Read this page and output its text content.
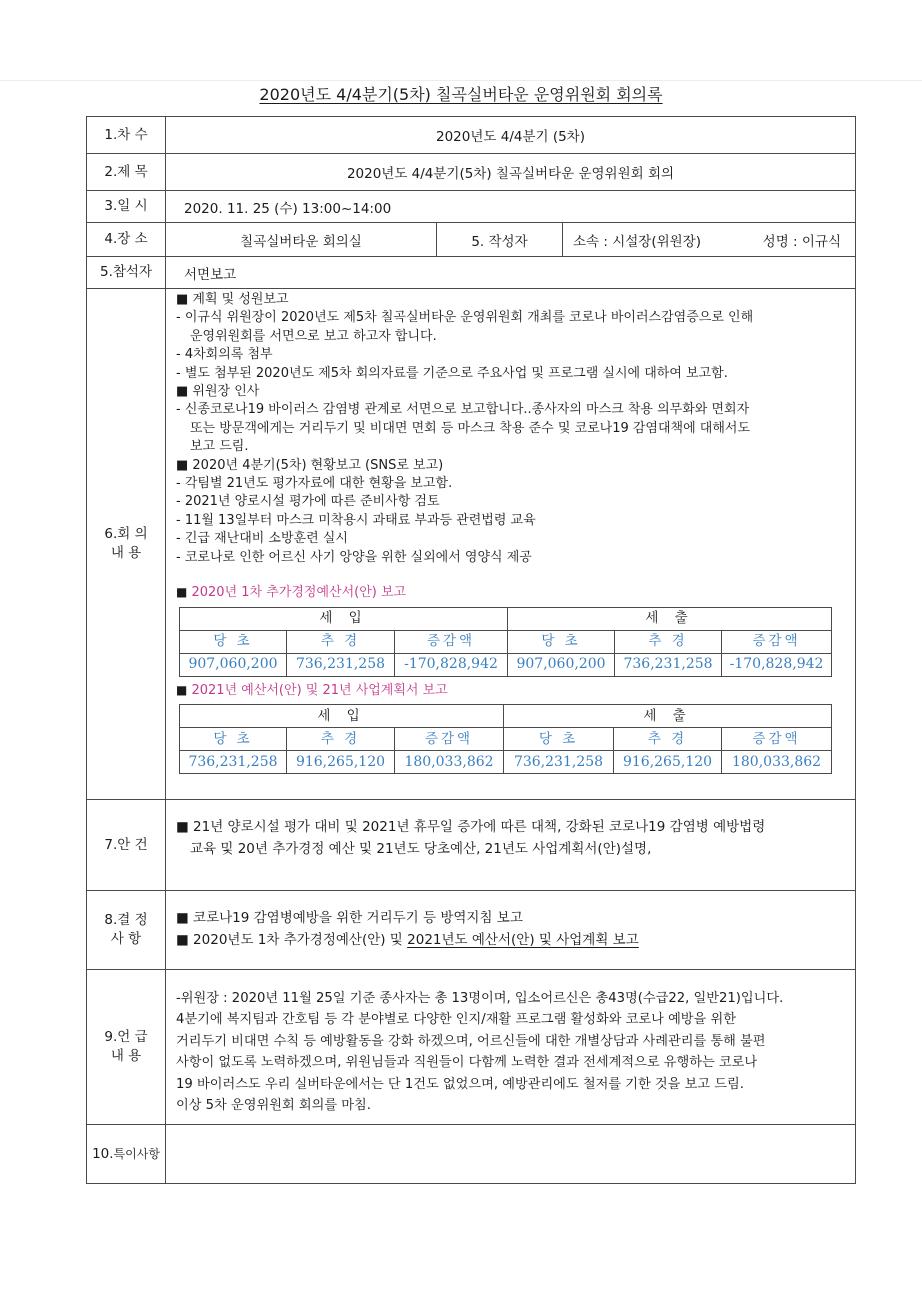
2020년도 4/4분기(5차) 칠곡실버타운 운영위원회 회의록
1.차 수	2020년도 4/4분기 (5차)
2.제 목	2020년도 4/4분기(5차) 칠곡실버타운 운영위원회 회의
3.일 시	2020. 11. 25 (수) 13:00~14:00
4.장 소	칠곡실버타운 회의실	5. 작성자	소속 : 시설장(위원장)	성명 : 이규식

5.참석자	서면보고

6.회 의
내 용

■ 계획 및 성원보고

- 이규식 위원장이 2020년도 제5차 칠곡실버타운 운영위원회 개최를 코로나 바이러스감염증으로 인해

운영위원회를 서면으로 보고 하고자 합니다.

- 4차회의록 첨부

- 별도 첨부된 2020년도 제5차 회의자료를 기준으로 주요사업 및 프로그램 실시에 대하여 보고함.

■ 위원장 인사

- 신종코로나19 바이러스 감염병 관계로 서면으로 보고합니다..종사자의 마스크 착용 의무화와 면회자

또는 방문객에게는 거리두기 및 비대면 면회 등 마스크 착용 준수 및 코로나19 감염대책에 대해서도

보고 드림.

■ 2020년 4분기(5차) 현황보고 (SNS로 보고)

- 각팀별 21년도 평가자료에 대한 현황을 보고함.

- 2021년 양로시설 평가에 따른 준비사항 검토

- 11월 13일부터 마스크 미착용시 과태료 부과등 관련법령 교육

- 긴급 재난대비 소방훈련 실시

- 코로나로 인한 어르신 사기 앙양을 위한 실외에서 영양식 제공

■ 2020년 1차 추가경정예산서(안) 보고

세 입	세 출
당 초	추 경	증감액	당 초	추 경	증감액
907,060,200	736,231,258	-170,828,942	907,060,200	736,231,258	-170,828,942

■ 2021년 예산서(안) 및 21년 사업계획서 보고

세 입	세 출
당 초	추 경	증감액	당 초	추 경	증감액
736,231,258	916,265,120	180,033,862	736,231,258	916,265,120	180,033,862

7.안 건	

■ 21년 양로시설 평가 대비 및 2021년 휴무일 증가에 따른 대책, 강화된 코로나19 감염병 예방법령

교육 및 20년 추가경정 예산 및 21년도 당초예산, 21년도 사업계획서(안)설명,

8.결 정
사 항

■ 코로나19 감염병예방을 위한 거리두기 등 방역지침 보고

■ 2020년도 1차 추가경정예산(안) 및 2021년도 예산서(안) 및 사업계획 보고

9.언 급
내 용

-위원장 : 2020년 11월 25일 기준 종사자는 총 13명이며, 입소어르신은 총43명(수급22, 일반21)입니다.

4분기에 복지팀과 간호팀 등 각 분야별로 다양한 인지/재활 프로그램 활성화와 코로나 예방을 위한

거리두기 비대면 수칙 등 예방활동을 강화 하겠으며, 어르신들에 대한 개별상담과 사례관리를 통해 불편

사항이 없도록 노력하겠으며, 위원님들과 직원들이 다함께 노력한 결과 전세계적으로 유행하는 코로나

19 바이러스도 우리 실버타운에서는 단 1건도 없었으며, 예방관리에도 철저를 기한 것을 보고 드림.

이상 5차 운영위원회 회의를 마침.

10.특이사항	
